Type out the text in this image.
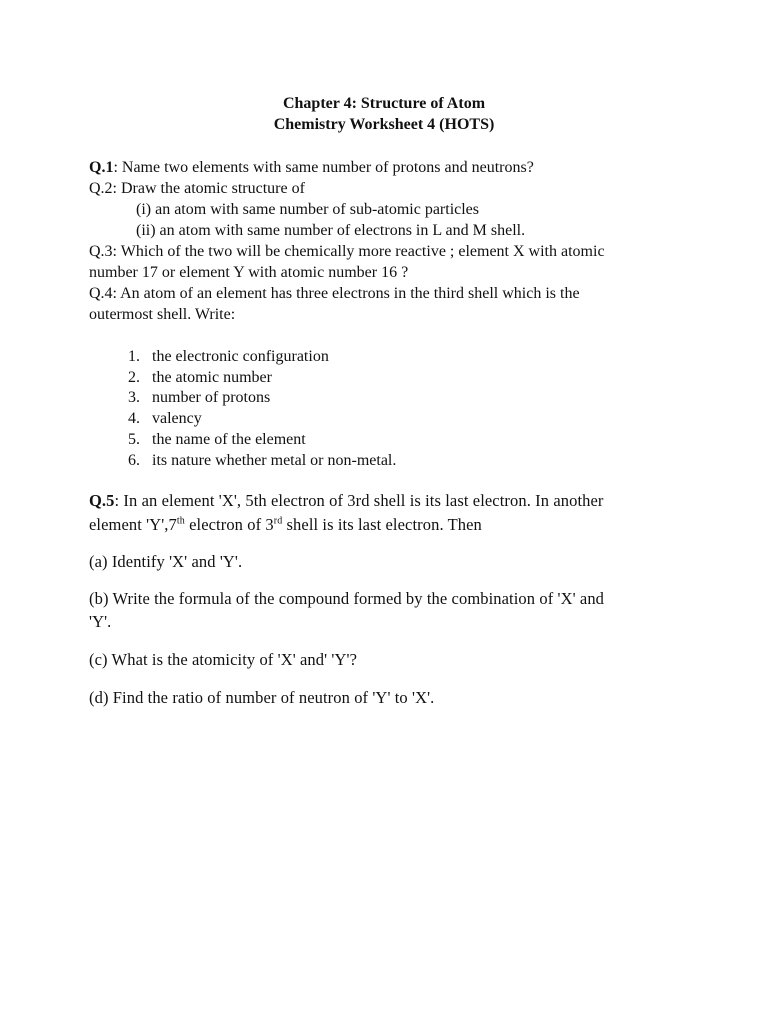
Chapter 4: Structure of Atom
Chemistry Worksheet 4 (HOTS)
Q.1: Name two elements with same number of protons and neutrons?
Q.2: Draw the atomic structure of
(i) an atom with same number of sub-atomic particles
(ii) an atom with same number of electrons in L and M shell.
Q.3: Which of the two will be chemically more reactive ; element X with atomic
number 17 or element Y with atomic number 16 ?
Q.4: An atom of an element has three electrons in the third shell which is the
outermost shell. Write:
1. the electronic configuration
2. the atomic number
3. number of protons
4. valency
5. the name of the element
6. its nature whether metal or non-metal.
Q.5: In an element 'X', 5th electron of 3rd shell is its last electron. In another
element 'Y',7th electron of 3rd shell is its last electron. Then
(a) Identify 'X' and 'Y'.
(b) Write the formula of the compound formed by the combination of 'X' and
'Y'.
(c) What is the atomicity of 'X' and' 'Y'?
(d) Find the ratio of number of neutron of 'Y' to 'X'.
